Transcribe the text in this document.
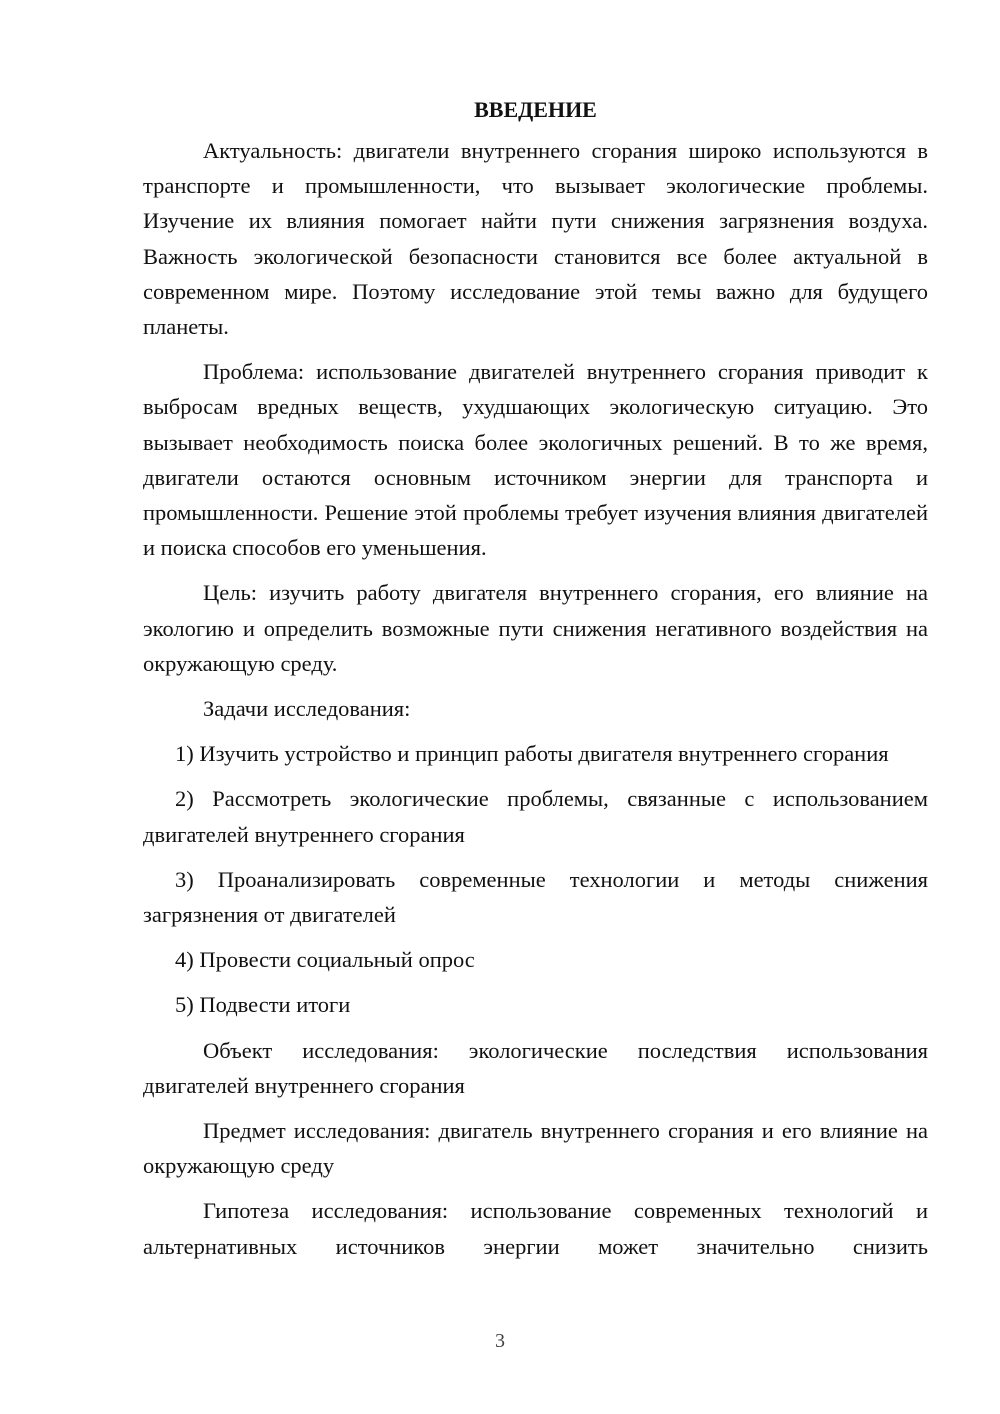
ВВЕДЕНИЕ

Актуальность: двигатели внутреннего сгорания широко используются в транспорте и промышленности, что вызывает экологические проблемы. Изучение их влияния помогает найти пути снижения загрязнения воздуха. Важность экологической безопасности становится все более актуальной в современном мире. Поэтому исследование этой темы важно для будущего планеты.

Проблема: использование двигателей внутреннего сгорания приводит к выбросам вредных веществ, ухудшающих экологическую ситуацию. Это вызывает необходимость поиска более экологичных решений. В то же время, двигатели остаются основным источником энергии для транспорта и промышленности. Решение этой проблемы требует изучения влияния двигателей и поиска способов его уменьшения.

Цель: изучить работу двигателя внутреннего сгорания, его влияние на экологию и определить возможные пути снижения негативного воздействия на окружающую среду.

Задачи исследования:

1) Изучить устройство и принцип работы двигателя внутреннего сгорания

2) Рассмотреть экологические проблемы, связанные с использованием двигателей внутреннего сгорания

3) Проанализировать современные технологии и методы снижения загрязнения от двигателей

4) Провести социальный опрос

5) Подвести итоги

Объект исследования: экологические последствия использования двигателей внутреннего сгорания

Предмет исследования: двигатель внутреннего сгорания и его влияние на окружающую среду

Гипотеза исследования: использование современных технологий и альтернативных источников энергии может значительно снизить

3
